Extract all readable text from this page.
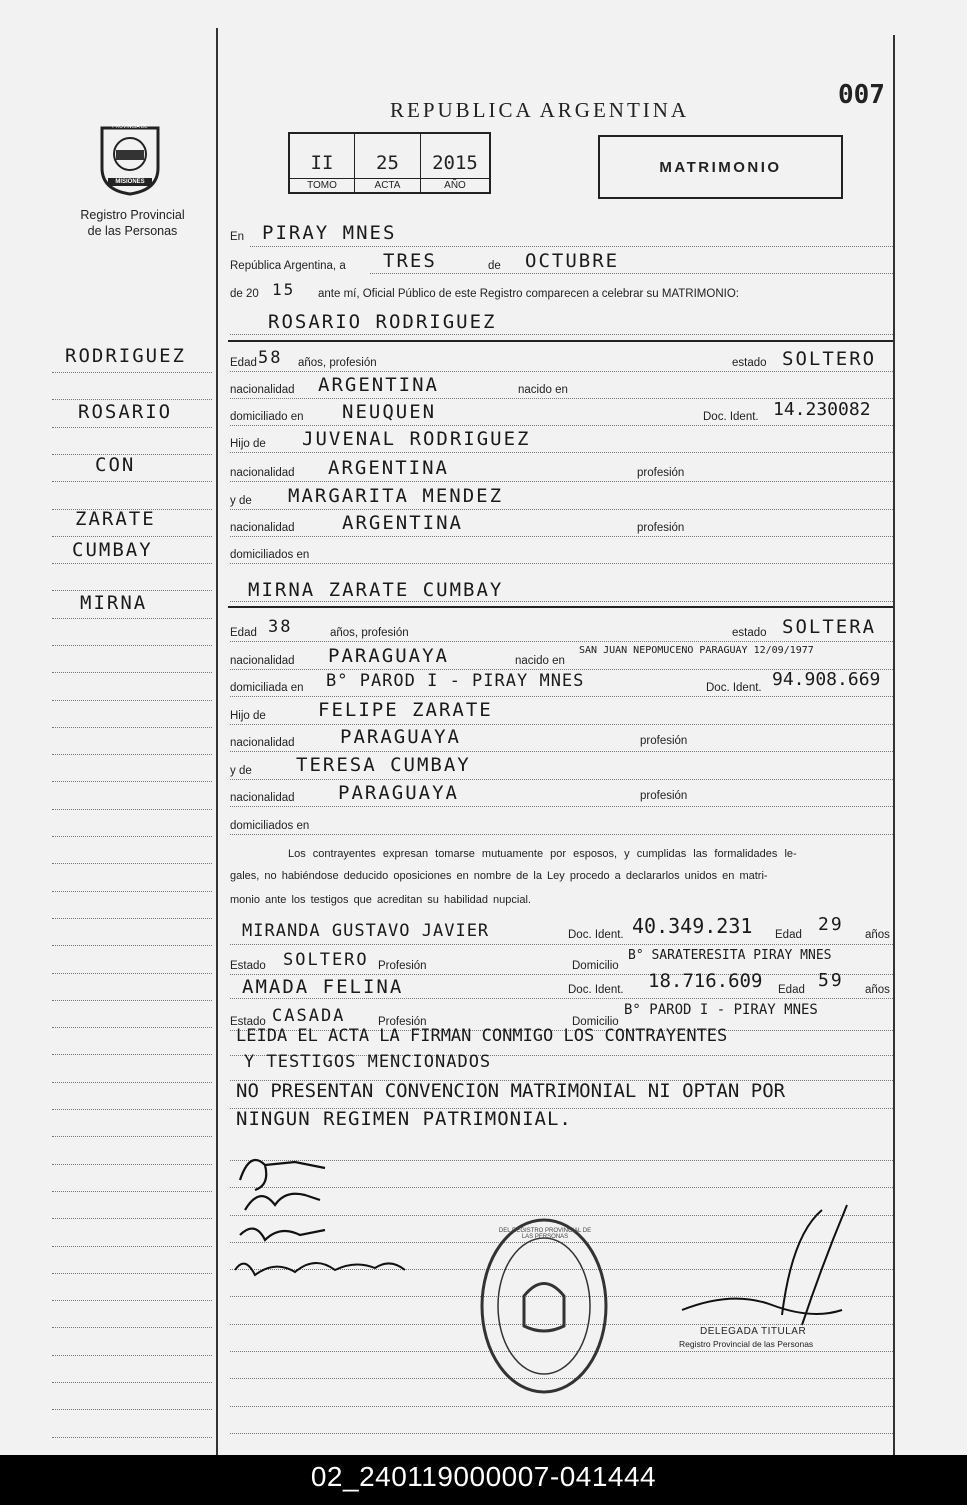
007
REPUBLICA ARGENTINA
PROVINCIA DE
MISIONES
Registro Provincial
de las Personas
II	25	2015
TOMO	ACTA	AÑO
MATRIMONIO
RODRIGUEZ
ROSARIO
CON
ZARATE
CUMBAY
MIRNA
En PIRAY MNES
República Argentina, a TRES	de OCTUBRE
de 20 15 ante mí, Oficial Público de este Registro comparecen a celebrar su MATRIMONIO:
ROSARIO RODRIGUEZ
Edad 58 años, profesión	estado SOLTERO
nacionalidad ARGENTINA	nacido en
domiciliado en NEUQUEN	Doc. Ident. 14.230082
Hijo de JUVENAL RODRIGUEZ
nacionalidad ARGENTINA	profesión
y de MARGARITA MENDEZ
nacionalidad ARGENTINA	profesión
domiciliados en
MIRNA ZARATE CUMBAY
Edad 38	años, profesión	estado SOLTERA
nacionalidad PARAGUAYA	nacido en
SAN JUAN NEPOMUCENO PARAGUAY 12/09/1977
domiciliada en B° PAROD I - PIRAY MNES	Doc. Ident. 94.908.669
Hijo de	FELIPE ZARATE
nacionalidad PARAGUAYA	profesión
y de TERESA CUMBAY
nacionalidad PARAGUAYA	profesión
domiciliados en
Los contrayentes expresan tomarse mutuamente por esposos, y cumplidas las formalidades le-
gales, no habiéndose deducido oposiciones en nombre de la Ley procedo a declararlos unidos en matri-
monio ante los testigos que acreditan su habilidad nupcial.
MIRANDA GUSTAVO JAVIER	Doc. Ident. 40.349.231 Edad 29 años
Estado SOLTERO Profesión	Domicilio
B° SARATERESITA PIRAY MNES
AMADA FELINA	Doc. Ident. 18.716.609 Edad 59 años
Estado CASADA	Profesión	Domicilio
B° PAROD I - PIRAY MNES
LEIDA EL ACTA LA FIRMAN CONMIGO LOS CONTRAYENTES
Y TESTIGOS MENCIONADOS
NO PRESENTAN CONVENCION MATRIMONIAL NI OPTAN POR
NINGUN REGIMEN PATRIMONIAL.
DEL REGISTRO PROVINCIAL DE LAS PERSONAS
DELEGADA TITULAR
Registro Provincial de las Personas
02_240119000007-041444
